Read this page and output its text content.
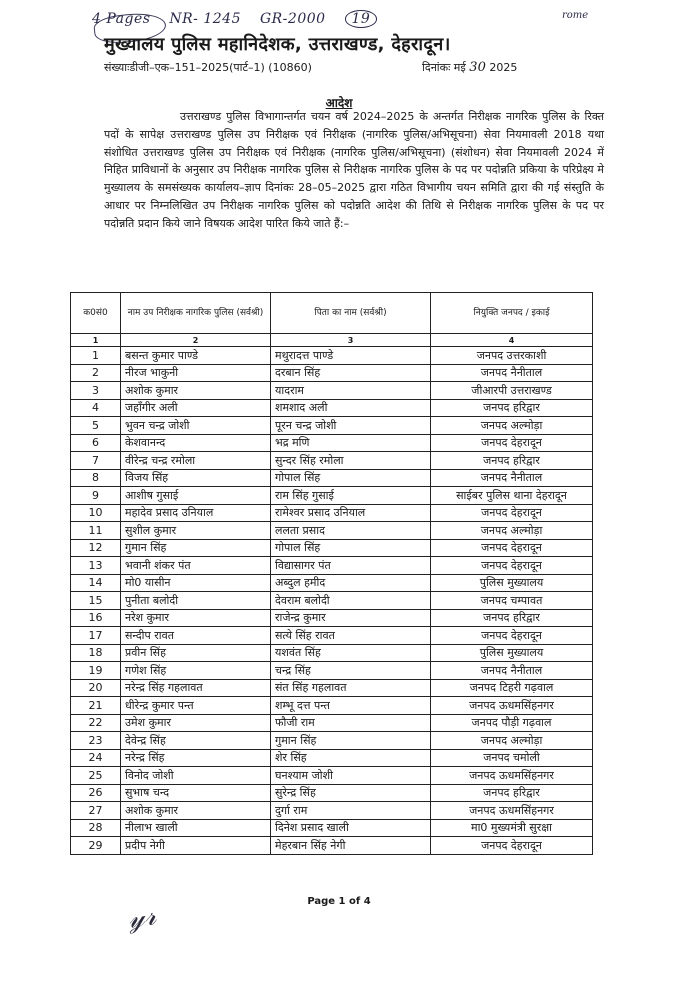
4 Pages NR- 1245 GR-2000 19	rome
मुख्यालय पुलिस महानिदेशक, उत्तराखण्ड, देहरादून।
संख्याःडीजी–एक–151–2025(पार्ट–1) (10860)	दिनांकः मई 30 2025
आदेश

उत्तराखण्ड पुलिस विभागान्तर्गत चयन वर्ष 2024–2025 के अन्तर्गत निरीक्षक नागरिक पुलिस के रिक्त पदों के सापेक्ष उत्तराखण्ड पुलिस उप निरीक्षक एवं निरीक्षक (नागरिक पुलिस/अभिसूचना) सेवा नियमावली 2018 यथा संशोधित उत्तराखण्ड पुलिस उप निरीक्षक एवं निरीक्षक (नागरिक पुलिस/अभिसूचना) (संशोधन) सेवा नियमावली 2024 में निहित प्राविधानों के अनुसार उप निरीक्षक नागरिक पुलिस से निरीक्षक नागरिक पुलिस के पद पर पदोन्नति प्रकिया के परिप्रेक्ष्य मे मुख्यालय के समसंख्यक कार्यालय–ज्ञाप दिनांकः 28–05–2025 द्वारा गठित विभागीय चयन समिति द्वारा की गई संस्तुति के आधार पर निम्नलिखित उप निरीक्षक नागरिक पुलिस को पदोन्नति आदेश की तिथि से निरीक्षक नागरिक पुलिस के पद पर पदोन्नति प्रदान किये जाने विषयक आदेश पारित किये जाते हैं:–

क0सं0	नाम उप निरीक्षक नागरिक पुलिस (सर्वश्री)	पिता का नाम (सर्वश्री)	नियुक्ति जनपद / इकाई
1	2	3	4
1	बसन्त कुमार पाण्डे	मथुरादत्त पाण्डे	जनपद उत्तरकाशी
2	नीरज भाकुनी	दरबान सिंह	जनपद नैनीताल
3	अशोक कुमार	यादराम	जीआरपी उत्तराखण्ड
4	जहाँगीर अली	शमशाद अली	जनपद हरिद्वार
5	भुवन चन्द्र जोशी	पूरन चन्द्र जोशी	जनपद अल्मोड़ा
6	केशवानन्द	भद्र मणि	जनपद देहरादून
7	वीरेन्द्र चन्द्र रमोला	सुन्दर सिंह रमोला	जनपद हरिद्वार
8	विजय सिंह	गोपाल सिंह	जनपद नैनीताल
9	आशीष गुसाई	राम सिंह गुसाई	साईबर पुलिस थाना देहरादून
10	महादेव प्रसाद उनियाल	रामेश्वर प्रसाद उनियाल	जनपद देहरादून
11	सुशील कुमार	ललता प्रसाद	जनपद अल्मोड़ा
12	गुमान सिंह	गोपाल सिंह	जनपद देहरादून
13	भवानी शंकर पंत	विद्यासागर पंत	जनपद देहरादून
14	मो0 यासीन	अब्दुल हमीद	पुलिस मुख्यालय
15	पुनीता बलोदी	देवराम बलोदी	जनपद चम्पावत
16	नरेश कुमार	राजेन्द्र कुमार	जनपद हरिद्वार
17	सन्दीप रावत	सत्ये सिंह रावत	जनपद देहरादून
18	प्रवीन सिंह	यशवंत सिंह	पुलिस मुख्यालय
19	गणेश सिंह	चन्द्र सिंह	जनपद नैनीताल
20	नरेन्द्र सिंह गहलावत	संत सिंह गहलावत	जनपद टिहरी गढ़वाल
21	धीरेन्द्र कुमार पन्त	शम्भू दत्त पन्त	जनपद ऊधमसिंहनगर
22	उमेश कुमार	फौजी राम	जनपद पौड़ी गढ़वाल
23	देवेन्द्र सिंह	गुमान सिंह	जनपद अल्मोड़ा
24	नरेन्द्र सिंह	शेर सिंह	जनपद चमोली
25	विनोद जोशी	घनश्याम जोशी	जनपद ऊधमसिंहनगर
26	सुभाष चन्द	सुरेन्द्र सिंह	जनपद हरिद्वार
27	अशोक कुमार	दुर्गा राम	जनपद ऊधमसिंहनगर
28	नीलाभ खाली	दिनेश प्रसाद खाली	मा0 मुख्यमंत्री सुरक्षा
29	प्रदीप नेगी	मेहरबान सिंह नेगी	जनपद देहरादून
𝓎𝓇	Page 1 of 4
